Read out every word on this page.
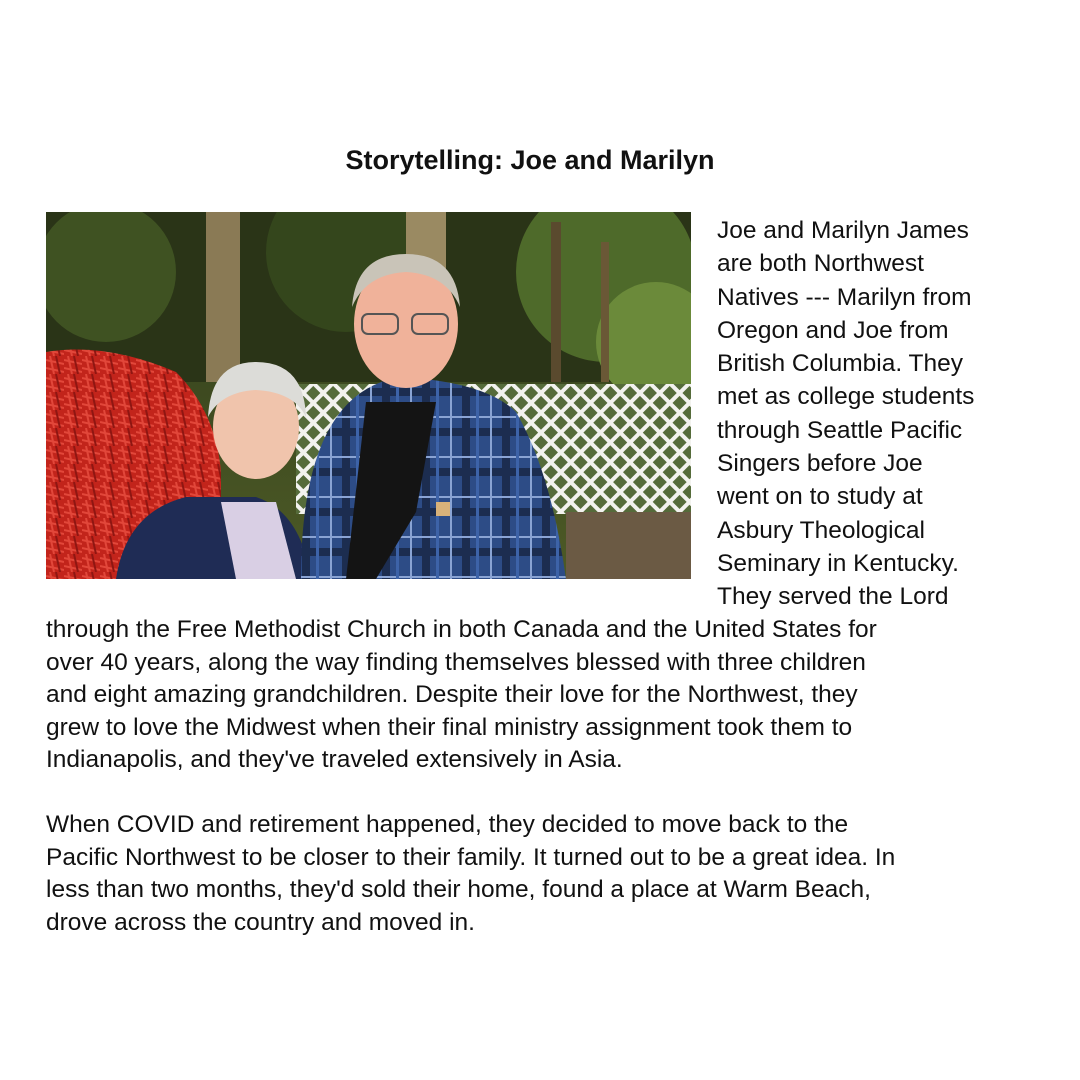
Storytelling: Joe and Marilyn
Joe and Marilyn James
are both Northwest
Natives --- Marilyn from
Oregon and Joe from
British Columbia. They
met as college students
through Seattle Pacific
Singers before Joe
went on to study at
Asbury Theological
Seminary in Kentucky.
They served the Lord
through the Free Methodist Church in both Canada and the United States for
over 40 years, along the way finding themselves blessed with three children
and eight amazing grandchildren. Despite their love for the Northwest, they
grew to love the Midwest when their final ministry assignment took them to
Indianapolis, and they've traveled extensively in Asia.
When COVID and retirement happened, they decided to move back to the
Pacific Northwest to be closer to their family. It turned out to be a great idea. In
less than two months, they'd sold their home, found a place at Warm Beach,
drove across the country and moved in.
